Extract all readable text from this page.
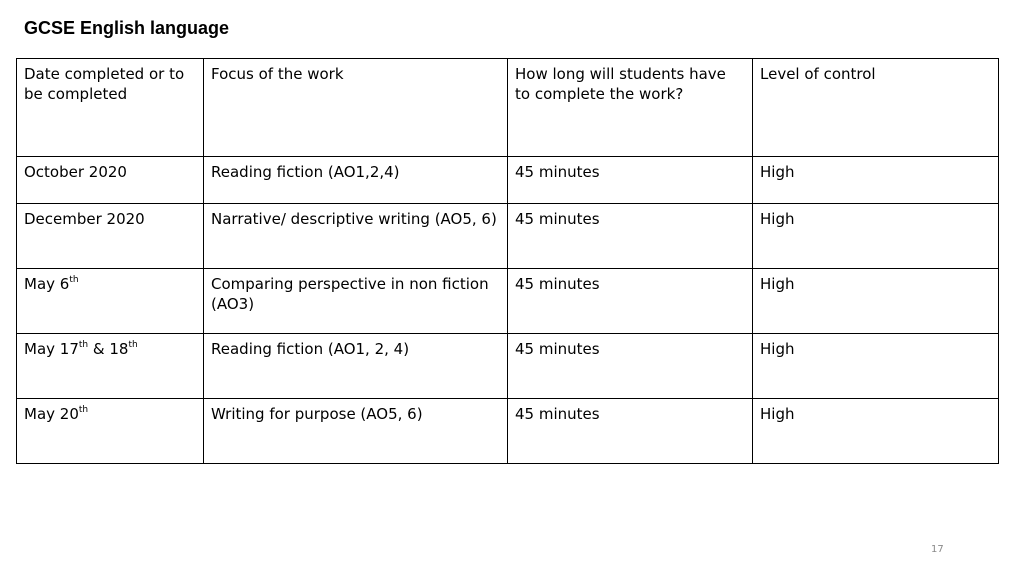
GCSE English language
Date completed or to be completed	Focus of the work	How long will students have to complete the work?	Level of control
October 2020	Reading fiction (AO1,2,4)	45 minutes	High
December 2020	Narrative/ descriptive writing (AO5, 6)	45 minutes	High
May 6th	Comparing perspective in non fiction (AO3)	45 minutes	High
May 17th & 18th	Reading fiction (AO1, 2, 4)	45 minutes	High
May 20th	Writing for purpose (AO5, 6)	45 minutes	High
17
